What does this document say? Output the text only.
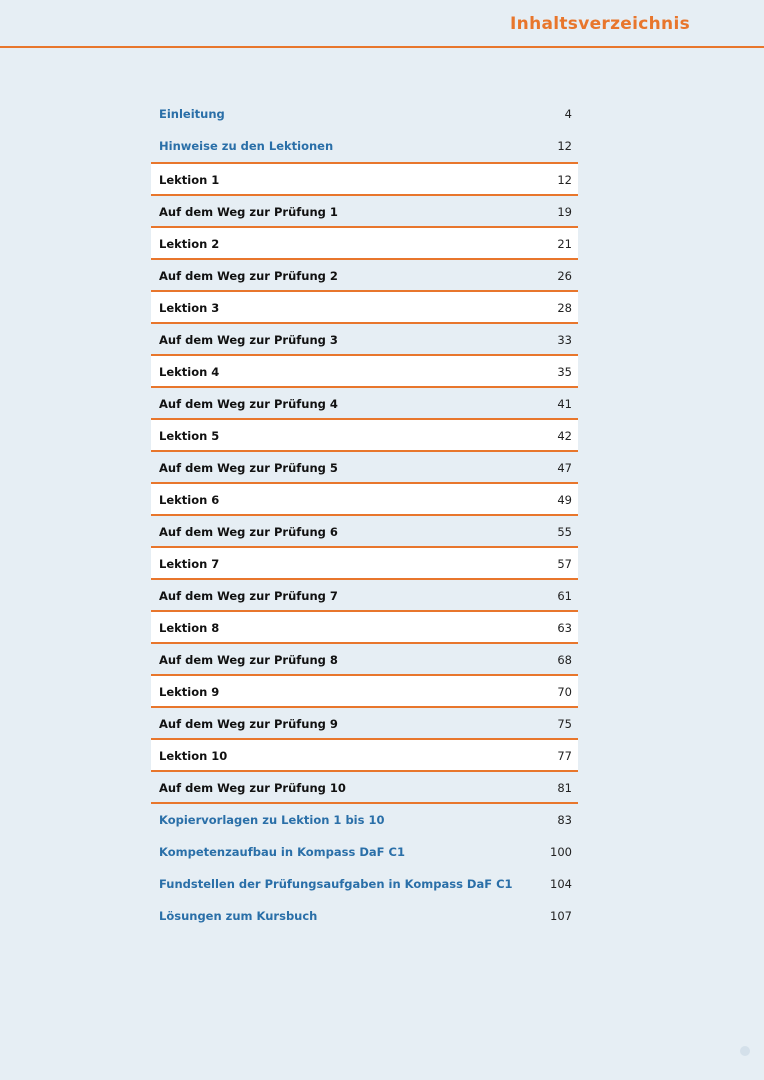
Inhaltsverzeichnis
Einleitung	4
Hinweise zu den Lektionen	12
Lektion 1	12
Auf dem Weg zur Prüfung 1	19
Lektion 2	21
Auf dem Weg zur Prüfung 2	26
Lektion 3	28
Auf dem Weg zur Prüfung 3	33
Lektion 4	35
Auf dem Weg zur Prüfung 4	41
Lektion 5	42
Auf dem Weg zur Prüfung 5	47
Lektion 6	49
Auf dem Weg zur Prüfung 6	55
Lektion 7	57
Auf dem Weg zur Prüfung 7	61
Lektion 8	63
Auf dem Weg zur Prüfung 8	68
Lektion 9	70
Auf dem Weg zur Prüfung 9	75
Lektion 10	77
Auf dem Weg zur Prüfung 10	81
Kopiervorlagen zu Lektion 1 bis 10	83
Kompetenzaufbau in Kompass DaF C1	100
Fundstellen der Prüfungsaufgaben in Kompass DaF C1	104
Lösungen zum Kursbuch	107
